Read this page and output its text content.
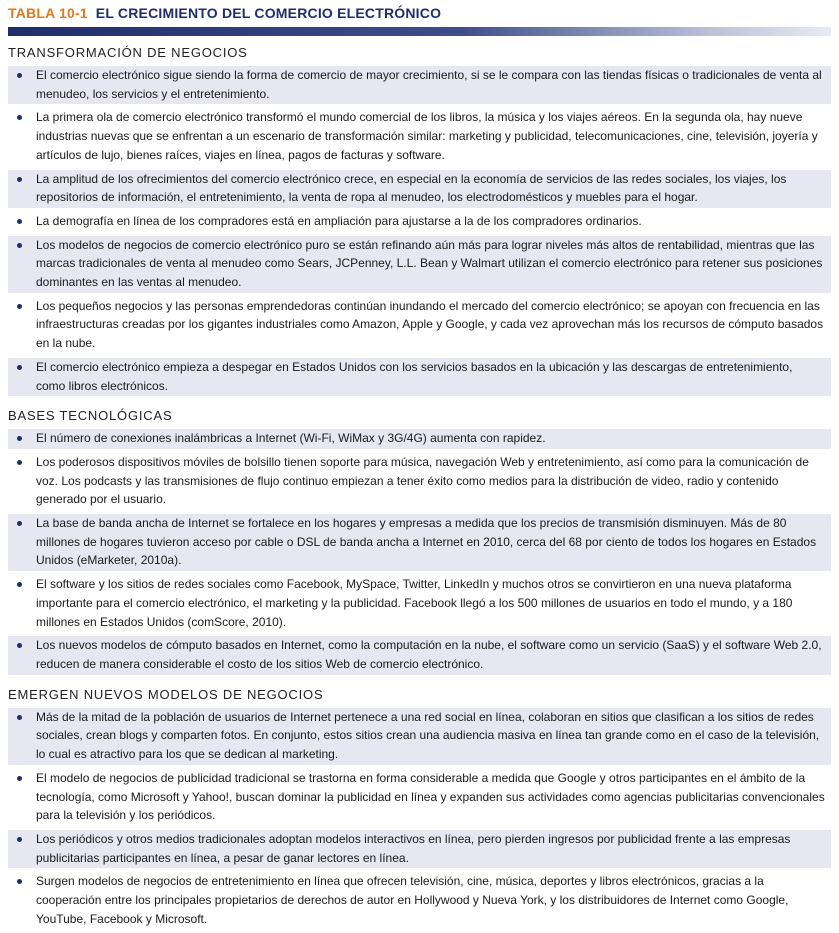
TABLA 10-1 EL CRECIMIENTO DEL COMERCIO ELECTRÓNICO
TRANSFORMACIÓN DE NEGOCIOS
El comercio electrónico sigue siendo la forma de comercio de mayor crecimiento, si se le compara con las tiendas físicas o tradicionales de venta al menudeo, los servicios y el entretenimiento.
La primera ola de comercio electrónico transformó el mundo comercial de los libros, la música y los viajes aéreos. En la segunda ola, hay nueve industrias nuevas que se enfrentan a un escenario de transformación similar: marketing y publicidad, telecomunicaciones, cine, televisión, joyería y artículos de lujo, bienes raíces, viajes en línea, pagos de facturas y software.
La amplitud de los ofrecimientos del comercio electrónico crece, en especial en la economía de servicios de las redes sociales, los viajes, los repositorios de información, el entretenimiento, la venta de ropa al menudeo, los electrodomésticos y muebles para el hogar.
La demografía en línea de los compradores está en ampliación para ajustarse a la de los compradores ordinarios.
Los modelos de negocios de comercio electrónico puro se están refinando aún más para lograr niveles más altos de rentabilidad, mientras que las marcas tradicionales de venta al menudeo como Sears, JCPenney, L.L. Bean y Walmart utilizan el comercio electrónico para retener sus posiciones dominantes en las ventas al menudeo.
Los pequeños negocios y las personas emprendedoras continúan inundando el mercado del comercio electrónico; se apoyan con frecuencia en las infraestructuras creadas por los gigantes industriales como Amazon, Apple y Google, y cada vez aprovechan más los recursos de cómputo basados en la nube.
El comercio electrónico empieza a despegar en Estados Unidos con los servicios basados en la ubicación y las descargas de entretenimiento, como libros electrónicos.
BASES TECNOLÓGICAS
El número de conexiones inalámbricas a Internet (Wi-Fi, WiMax y 3G/4G) aumenta con rapidez.
Los poderosos dispositivos móviles de bolsillo tienen soporte para música, navegación Web y entretenimiento, así como para la comunicación de voz. Los podcasts y las transmisiones de flujo continuo empiezan a tener éxito como medios para la distribución de video, radio y contenido generado por el usuario.
La base de banda ancha de Internet se fortalece en los hogares y empresas a medida que los precios de transmisión disminuyen. Más de 80 millones de hogares tuvieron acceso por cable o DSL de banda ancha a Internet en 2010, cerca del 68 por ciento de todos los hogares en Estados Unidos (eMarketer, 2010a).
El software y los sitios de redes sociales como Facebook, MySpace, Twitter, LinkedIn y muchos otros se convirtieron en una nueva plataforma importante para el comercio electrónico, el marketing y la publicidad. Facebook llegó a los 500 millones de usuarios en todo el mundo, y a 180 millones en Estados Unidos (comScore, 2010).
Los nuevos modelos de cómputo basados en Internet, como la computación en la nube, el software como un servicio (SaaS) y el software Web 2.0, reducen de manera considerable el costo de los sitios Web de comercio electrónico.
EMERGEN NUEVOS MODELOS DE NEGOCIOS
Más de la mitad de la población de usuarios de Internet pertenece a una red social en línea, colaboran en sitios que clasifican a los sitios de redes sociales, crean blogs y comparten fotos. En conjunto, estos sitios crean una audiencia masiva en línea tan grande como en el caso de la televisión, lo cual es atractivo para los que se dedican al marketing.
El modelo de negocios de publicidad tradicional se trastorna en forma considerable a medida que Google y otros participantes en el ámbito de la tecnología, como Microsoft y Yahoo!, buscan dominar la publicidad en línea y expanden sus actividades como agencias publicitarias convencionales para la televisión y los periódicos.
Los periódicos y otros medios tradicionales adoptan modelos interactivos en línea, pero pierden ingresos por publicidad frente a las empresas publicitarias participantes en línea, a pesar de ganar lectores en línea.
Surgen modelos de negocios de entretenimiento en línea que ofrecen televisión, cine, música, deportes y libros electrónicos, gracias a la cooperación entre los principales propietarios de derechos de autor en Hollywood y Nueva York, y los distribuidores de Internet como Google, YouTube, Facebook y Microsoft.
